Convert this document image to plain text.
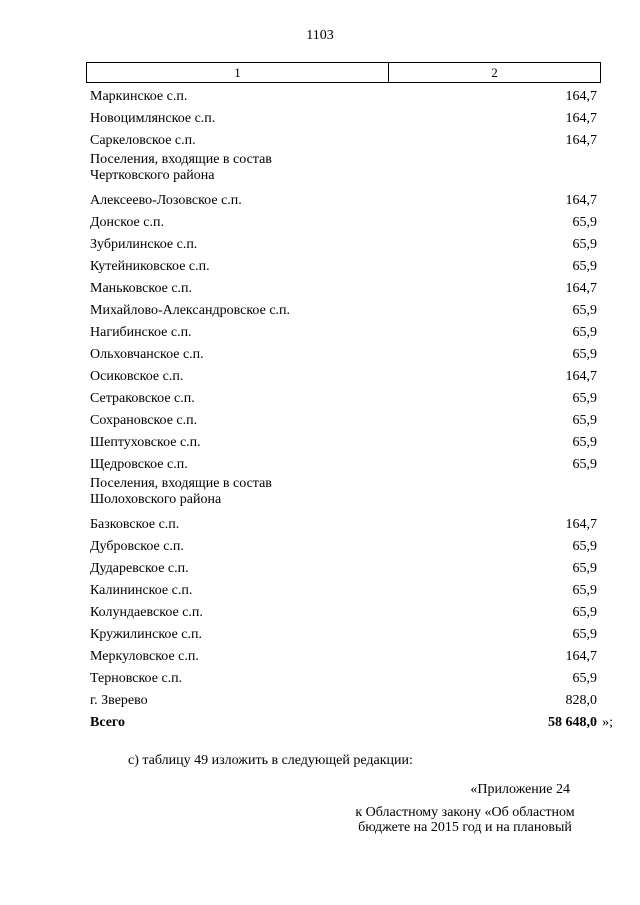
1103
1	2
Маркинское с.п.	164,7
Новоцимлянское с.п.	164,7
Саркеловское с.п.	164,7
Поселения, входящие в состав
Чертковского района
Алексеево-Лозовское с.п.	164,7
Донское с.п.	65,9
Зубрилинское с.п.	65,9
Кутейниковское с.п.	65,9
Маньковское с.п.	164,7
Михайлово-Александровское с.п.	65,9
Нагибинское с.п.	65,9
Ольховчанское с.п.	65,9
Осиковское с.п.	164,7
Сетраковское с.п.	65,9
Сохрановское с.п.	65,9
Шептуховское с.п.	65,9
Щедровское с.п.	65,9
Поселения, входящие в состав
Шолоховского района
Базковское с.п.	164,7
Дубровское с.п.	65,9
Дударевское с.п.	65,9
Калининское с.п.	65,9
Колундаевское с.п.	65,9
Кружилинское с.п.	65,9
Меркуловское с.п.	164,7
Терновское с.п.	65,9
г. Зверево	828,0
Всего	58 648,0 »;
с) таблицу 49 изложить в следующей редакции:
«Приложение 24
к Областному закону «Об областном
бюджете на 2015 год и на плановый
